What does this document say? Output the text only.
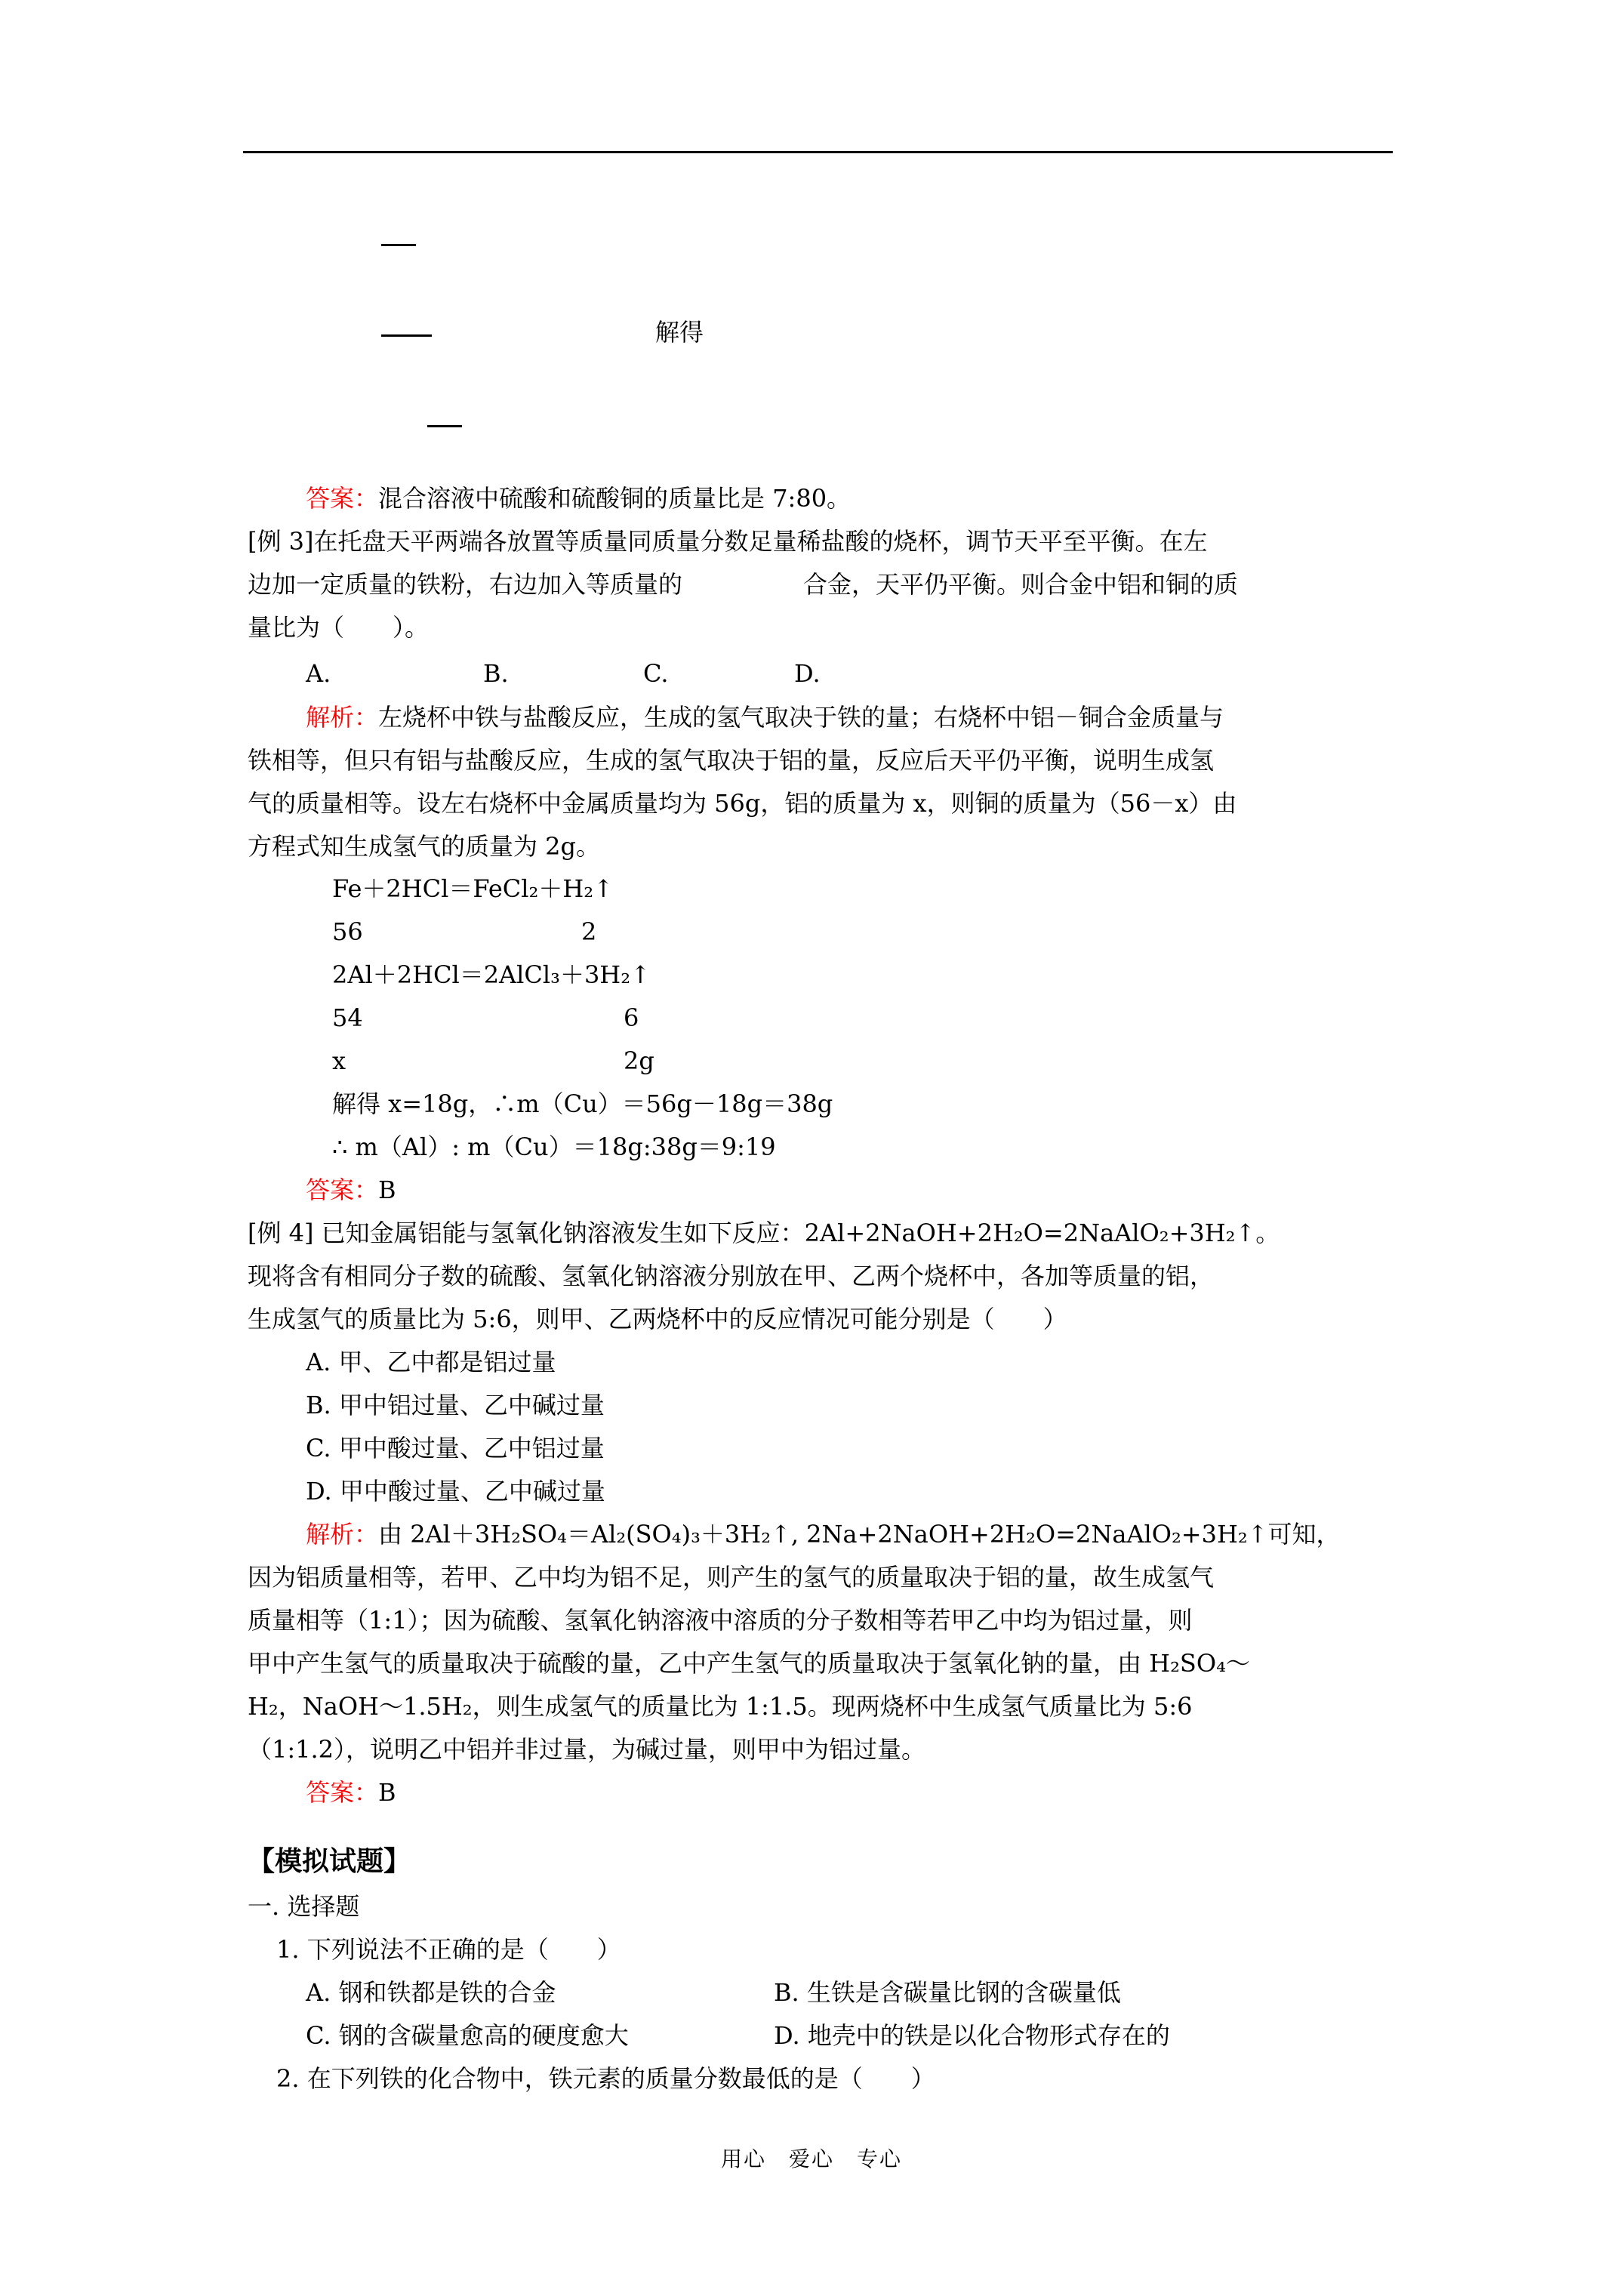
解得
答案：混合溶液中硫酸和硫酸铜的质量比是 7:80。
[例 3]在托盘天平两端各放置等质量同质量分数足量稀盐酸的烧杯，调节天平至平衡。在左
边加一定质量的铁粉，右边加入等质量的	合金，天平仍平衡。则合金中铝和铜的质
量比为（　　）。
A.	B.	C.	D.
解析：左烧杯中铁与盐酸反应，生成的氢气取决于铁的量；右烧杯中铝－铜合金质量与
铁相等，但只有铝与盐酸反应，生成的氢气取决于铝的量，反应后天平仍平衡，说明生成氢
气的质量相等。设左右烧杯中金属质量均为 56g，铝的质量为 x，则铜的质量为（56－x）由
方程式知生成氢气的质量为 2g。
Fe＋2HCl＝FeCl₂＋H₂↑
56	2
2Al＋2HCl＝2AlCl₃＋3H₂↑
54	6
x	2g
解得 x=18g，∴m（Cu）＝56g－18g＝38g
∴ m（Al）: m（Cu）＝18g:38g＝9:19
答案：B
[例 4] 已知金属铝能与氢氧化钠溶液发生如下反应：2Al+2NaOH+2H₂O=2NaAlO₂+3H₂↑。
现将含有相同分子数的硫酸、氢氧化钠溶液分别放在甲、乙两个烧杯中，各加等质量的铝，
生成氢气的质量比为 5:6，则甲、乙两烧杯中的反应情况可能分别是（　　）
A. 甲、乙中都是铝过量
B. 甲中铝过量、乙中碱过量
C. 甲中酸过量、乙中铝过量
D. 甲中酸过量、乙中碱过量
解析：由 2Al＋3H₂SO₄＝Al₂(SO₄)₃＋3H₂↑, 2Na+2NaOH+2H₂O=2NaAlO₂+3H₂↑可知，
因为铝质量相等，若甲、乙中均为铝不足，则产生的氢气的质量取决于铝的量，故生成氢气
质量相等（1:1）；因为硫酸、氢氧化钠溶液中溶质的分子数相等若甲乙中均为铝过量，则
甲中产生氢气的质量取决于硫酸的量，乙中产生氢气的质量取决于氢氧化钠的量，由 H₂SO₄～
H₂，NaOH～1.5H₂，则生成氢气的质量比为 1:1.5。现两烧杯中生成氢气质量比为 5:6
（1:1.2），说明乙中铝并非过量，为碱过量，则甲中为铝过量。
答案：B
【模拟试题】
一. 选择题
1. 下列说法不正确的是（　　）
A. 钢和铁都是铁的合金	B. 生铁是含碳量比钢的含碳量低
C. 钢的含碳量愈高的硬度愈大	D. 地壳中的铁是以化合物形式存在的
2. 在下列铁的化合物中，铁元素的质量分数最低的是（　　）
用心　爱心　专心
